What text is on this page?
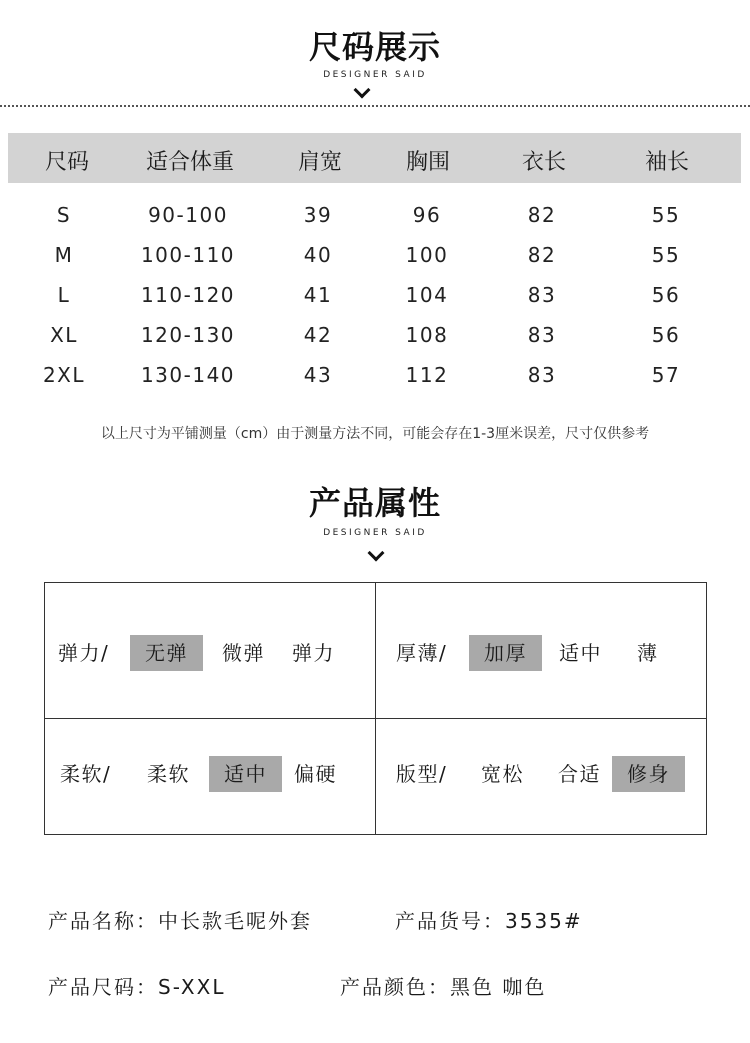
尺码展示
DESIGNER SAID
尺码	适合体重	肩宽	胸围	衣长	袖长
S	90-100	39	96	82	55
M	100-110	40	100	82	55
L	110-120	41	104	83	56
XL	120-130	42	108	83	56
2XL	130-140	43	112	83	57
以上尺寸为平铺测量（cm）由于测量方法不同，可能会存在1-3厘米误差，尺寸仅供参考
产品属性
DESIGNER SAID
弹力/	无弹	微弹 弹力	厚薄/	加厚	适中 薄
柔软/ 柔软	适中	偏硬	版型/ 宽松 合适	修身
产品名称：中长款毛呢外套	产品货号：3535#
产品尺码：S-XXL	产品颜色：黑色 咖色
